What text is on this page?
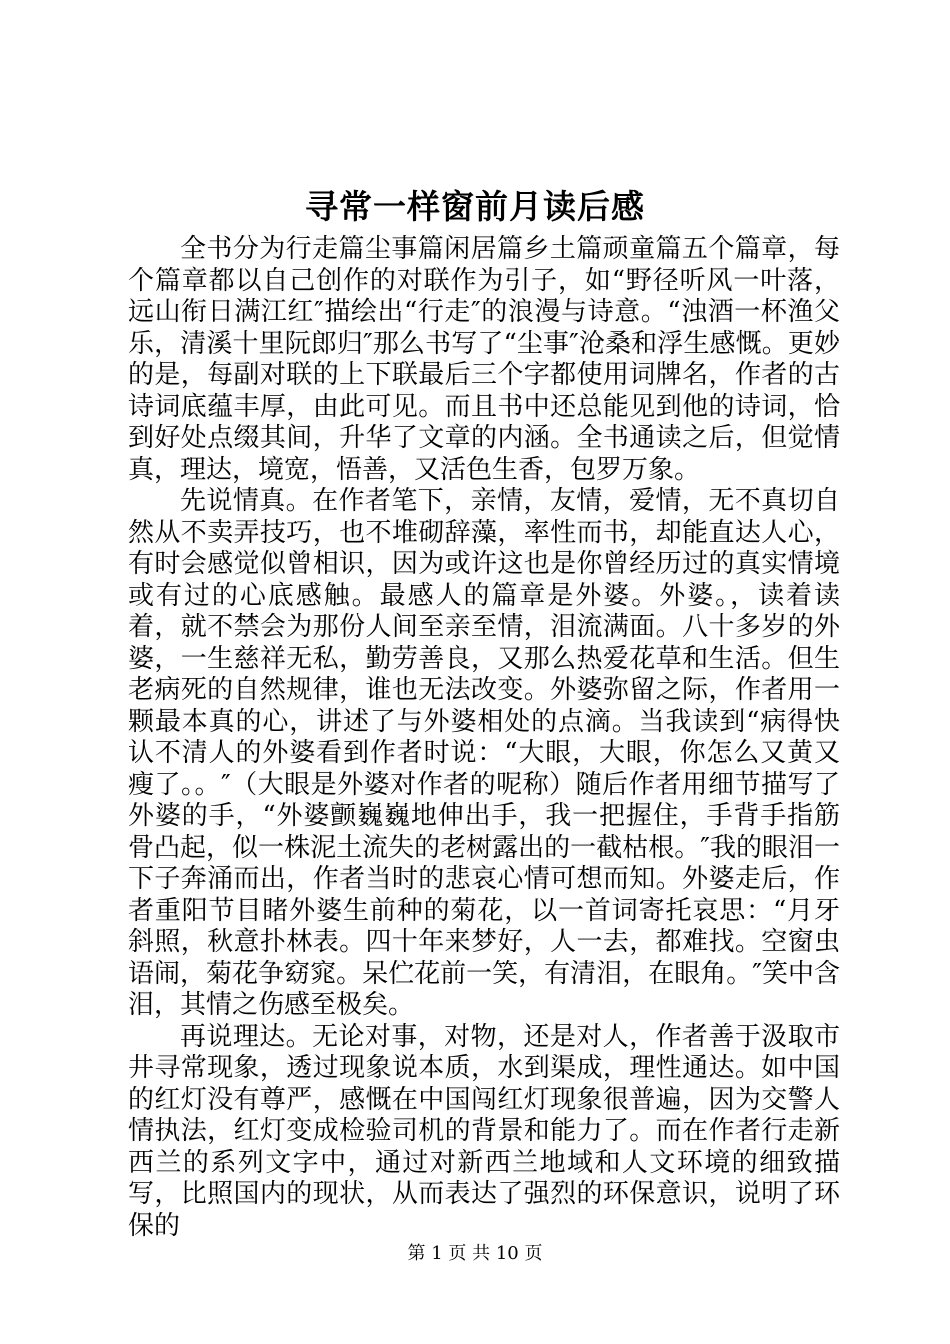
寻常一样窗前月读后感

全书分为行走篇尘事篇闲居篇乡土篇顽童篇五个篇章，每个篇章都以自己创作的对联作为引子，如“野径听风一叶落，远山衔日满江红″描绘出“行走″的浪漫与诗意。“浊酒一杯渔父乐，清溪十里阮郎归″那么书写了“尘事″沧桑和浮生感慨。更妙的是，每副对联的上下联最后三个字都使用词牌名，作者的古诗词底蕴丰厚，由此可见。而且书中还总能见到他的诗词，恰到好处点缀其间，升华了文章的内涵。全书通读之后，但觉情真，理达，境宽，悟善，又活色生香，包罗万象。

先说情真。在作者笔下，亲情，友情，爱情，无不真切自然从不卖弄技巧，也不堆砌辞藻，率性而书，却能直达人心，有时会感觉似曾相识，因为或许这也是你曾经历过的真实情境或有过的心底感触。最感人的篇章是外婆。外婆。，读着读着，就不禁会为那份人间至亲至情，泪流满面。八十多岁的外婆，一生慈祥无私，勤劳善良，又那么热爱花草和生活。但生老病死的自然规律，谁也无法改变。外婆弥留之际，作者用一颗最本真的心，讲述了与外婆相处的点滴。当我读到“病得快认不清人的外婆看到作者时说：“大眼，大眼，你怎么又黄又瘦了。。″（大眼是外婆对作者的呢称）随后作者用细节描写了外婆的手，“外婆颤巍巍地伸出手，我一把握住，手背手指筋骨凸起，似一株泥土流失的老树露出的一截枯根。″我的眼泪一下子奔涌而出，作者当时的悲哀心情可想而知。外婆走后，作者重阳节目睹外婆生前种的菊花，以一首词寄托哀思：“月牙斜照，秋意扑林表。四十年来梦好，人一去，都难找。空窗虫语闹，菊花争窈窕。呆伫花前一笑，有清泪，在眼角。″笑中含泪，其情之伤感至极矣。

再说理达。无论对事，对物，还是对人，作者善于汲取市井寻常现象，透过现象说本质，水到渠成，理性通达。如中国的红灯没有尊严，感慨在中国闯红灯现象很普遍，因为交警人情执法，红灯变成检验司机的背景和能力了。而在作者行走新西兰的系列文字中，通过对新西兰地域和人文环境的细致描写，比照国内的现状，从而表达了强烈的环保意识，说明了环保的

第 1 页 共 10 页
